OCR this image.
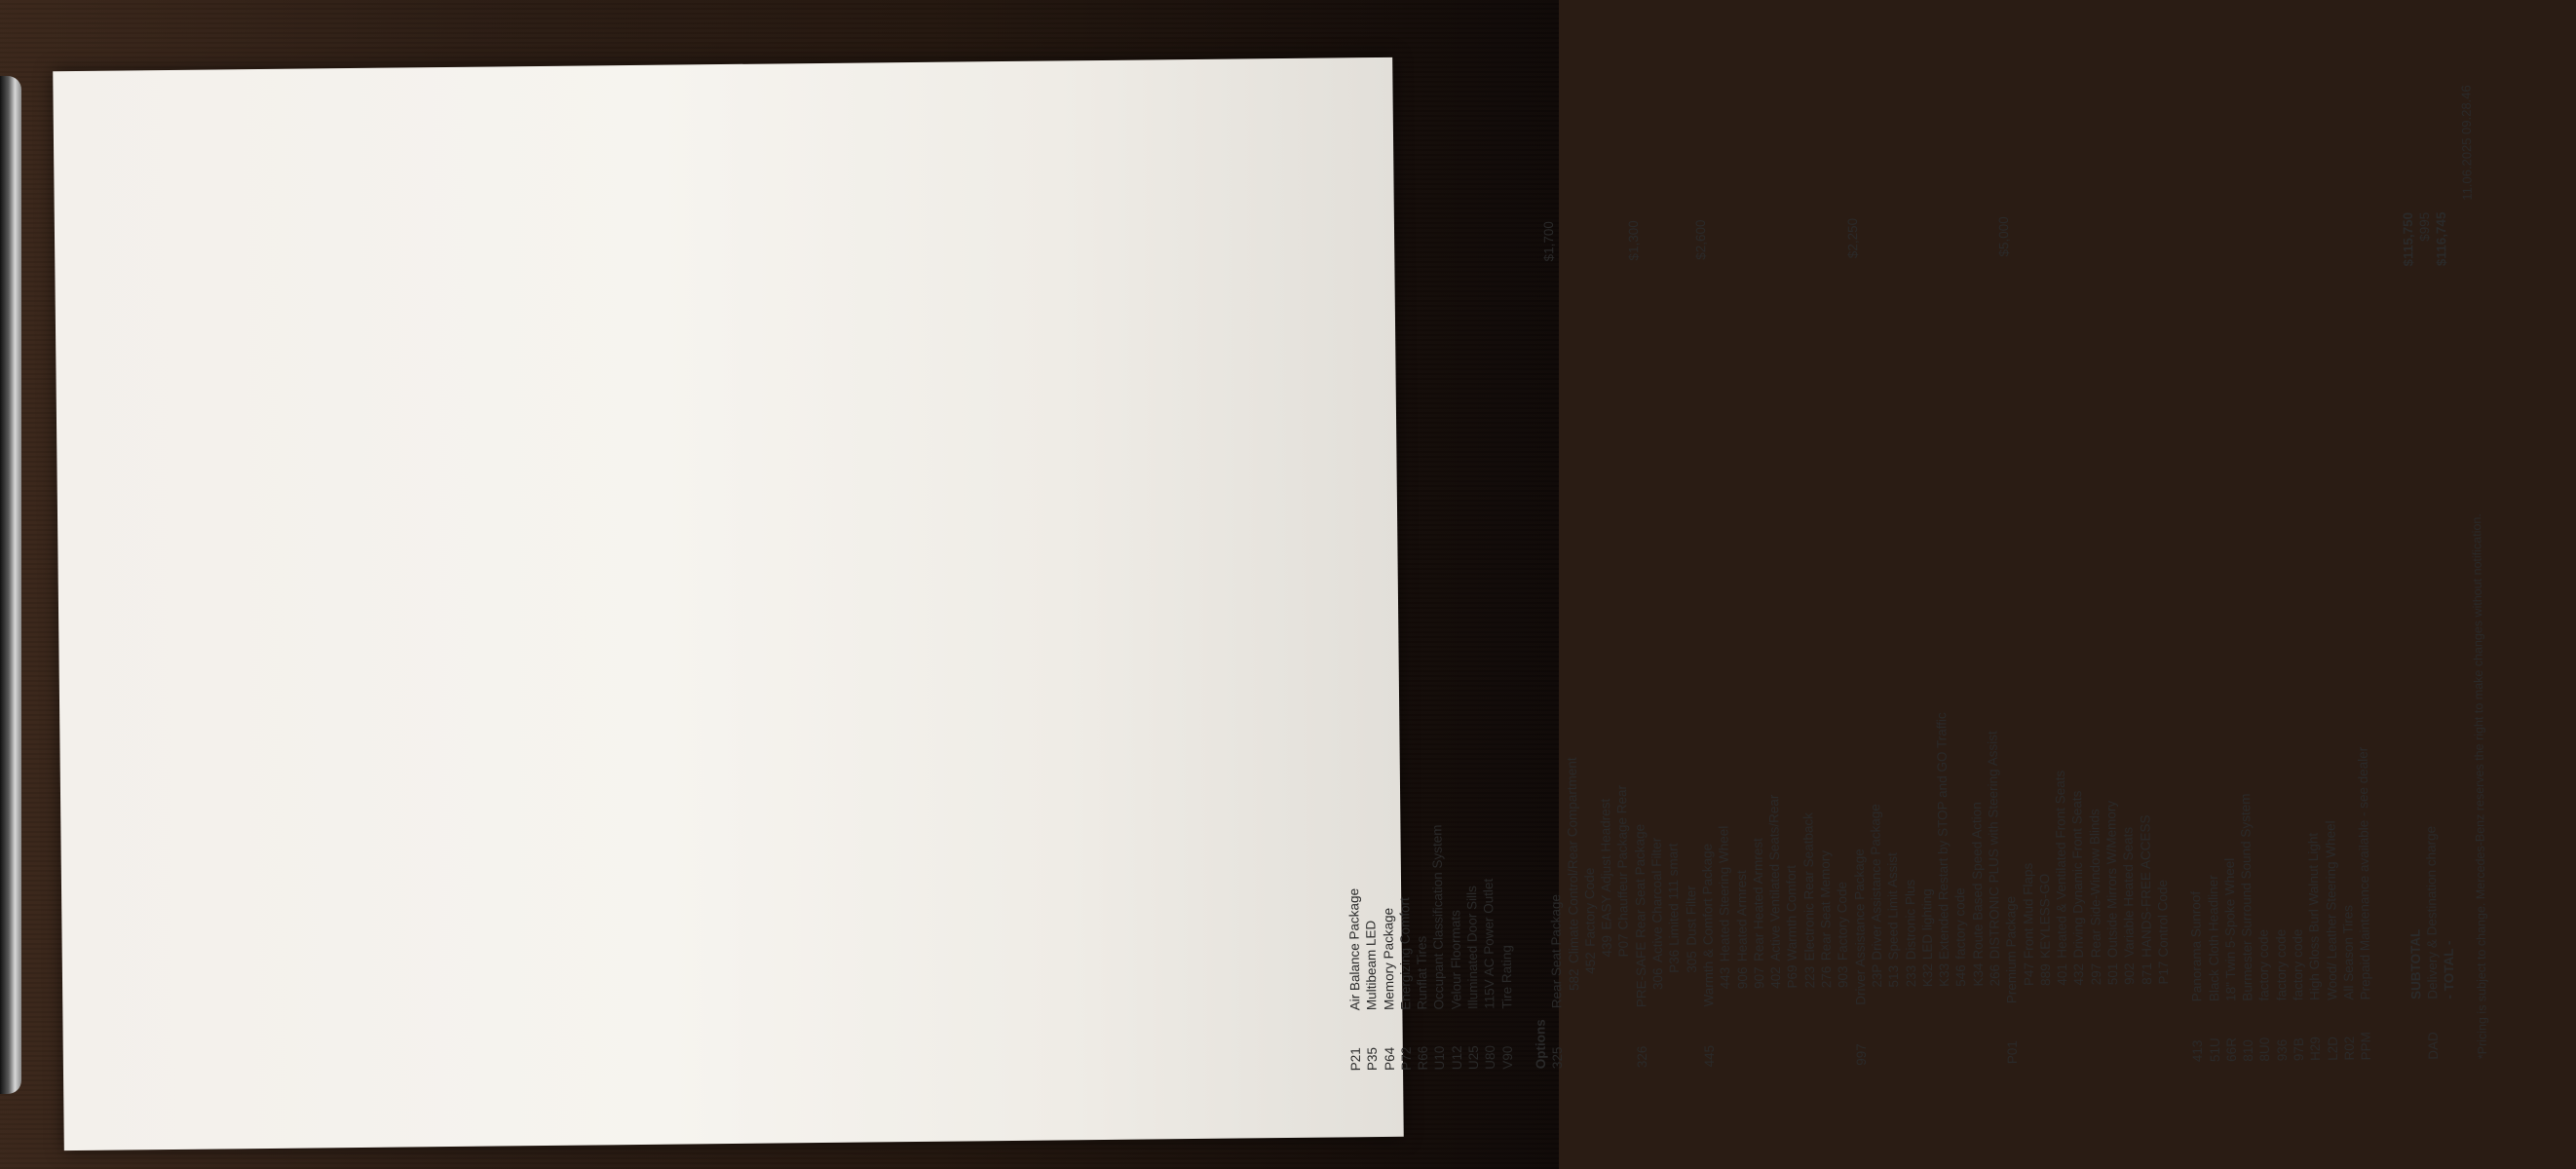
P21
Air Balance Package
P35
Multibeam LED
P64
Memory Package
P72
Energizing Comfort
R66
Runflat Tires
U10
Occupant Classification System
U12
Velour Floormats
U25
Illuminated Door Sills
U80
115V AC Power Outlet
V90
Tire Rating
Options 325
Rear Seat Package
$1,700
582
Climate Control/Rear Compartment 452
Factory Code 439
EASY Adjust Headrest
P07
Chauffeur Package Rear
326
PRE-SAFE Rear Seat Package
$1,300
306
Active Charcoal Filter P36
Limited 111 smart
305
Dust Filter
445
Warmth & Comfort Package
$2,600
443
Heated Steering Wheel
906
Heated Armrest
907
Rear Heated Armrest
402
Active Ventilated Seats/Rear
P69
Warmth Comfort
223
Electronic Rear Seatback
276
Rear Seat Memory
903
Factory Code
997
Driver Assistance Package
$2,250
23P
Driver Assistance Package
513
Speed Limit Assist
233
Distronic Plus
K32
LED lighting
K33
Extended Restart by STOP and GO Traffic
546
factory code
K34
Route Based Speed Action
266
DISTRONIC PLUS with Steering Assist
P01
Premium Package
$5,000
P47
Front Mud Flaps
889
KEYLESS-GO
401
Heated & Ventilated Front Seats
432
Driving Dynamic Front Seats
297
Rear Side-Window Blinds
501
Outside Mirrors W/Memory
902
Variable Heated Seats
871
HANDS-FREE ACCESS
P17
Control Code
413
Panorama Sunroof
51U
Black Cloth Headliner
66R
18" Twin 5-Spoke Wheel
810
Burmester Surround Sound System
8U0
factory code
936
factory code
97B
factory code
H29
High Gloss Burl Walnut Light
L2D
Wood/ Leather Steering Wheel
R02
All Season Tires
PPM
Prepaid Maintenance available - see dealer	SUBTOTAL
$115,750
DAD
Delivery & Destination charge
$995
- TOTAL -
$116,745
*Pricing is subject to change. Mercedes-Benz reserves the right to make changes without notification.
11.06.2025 09.28.46
